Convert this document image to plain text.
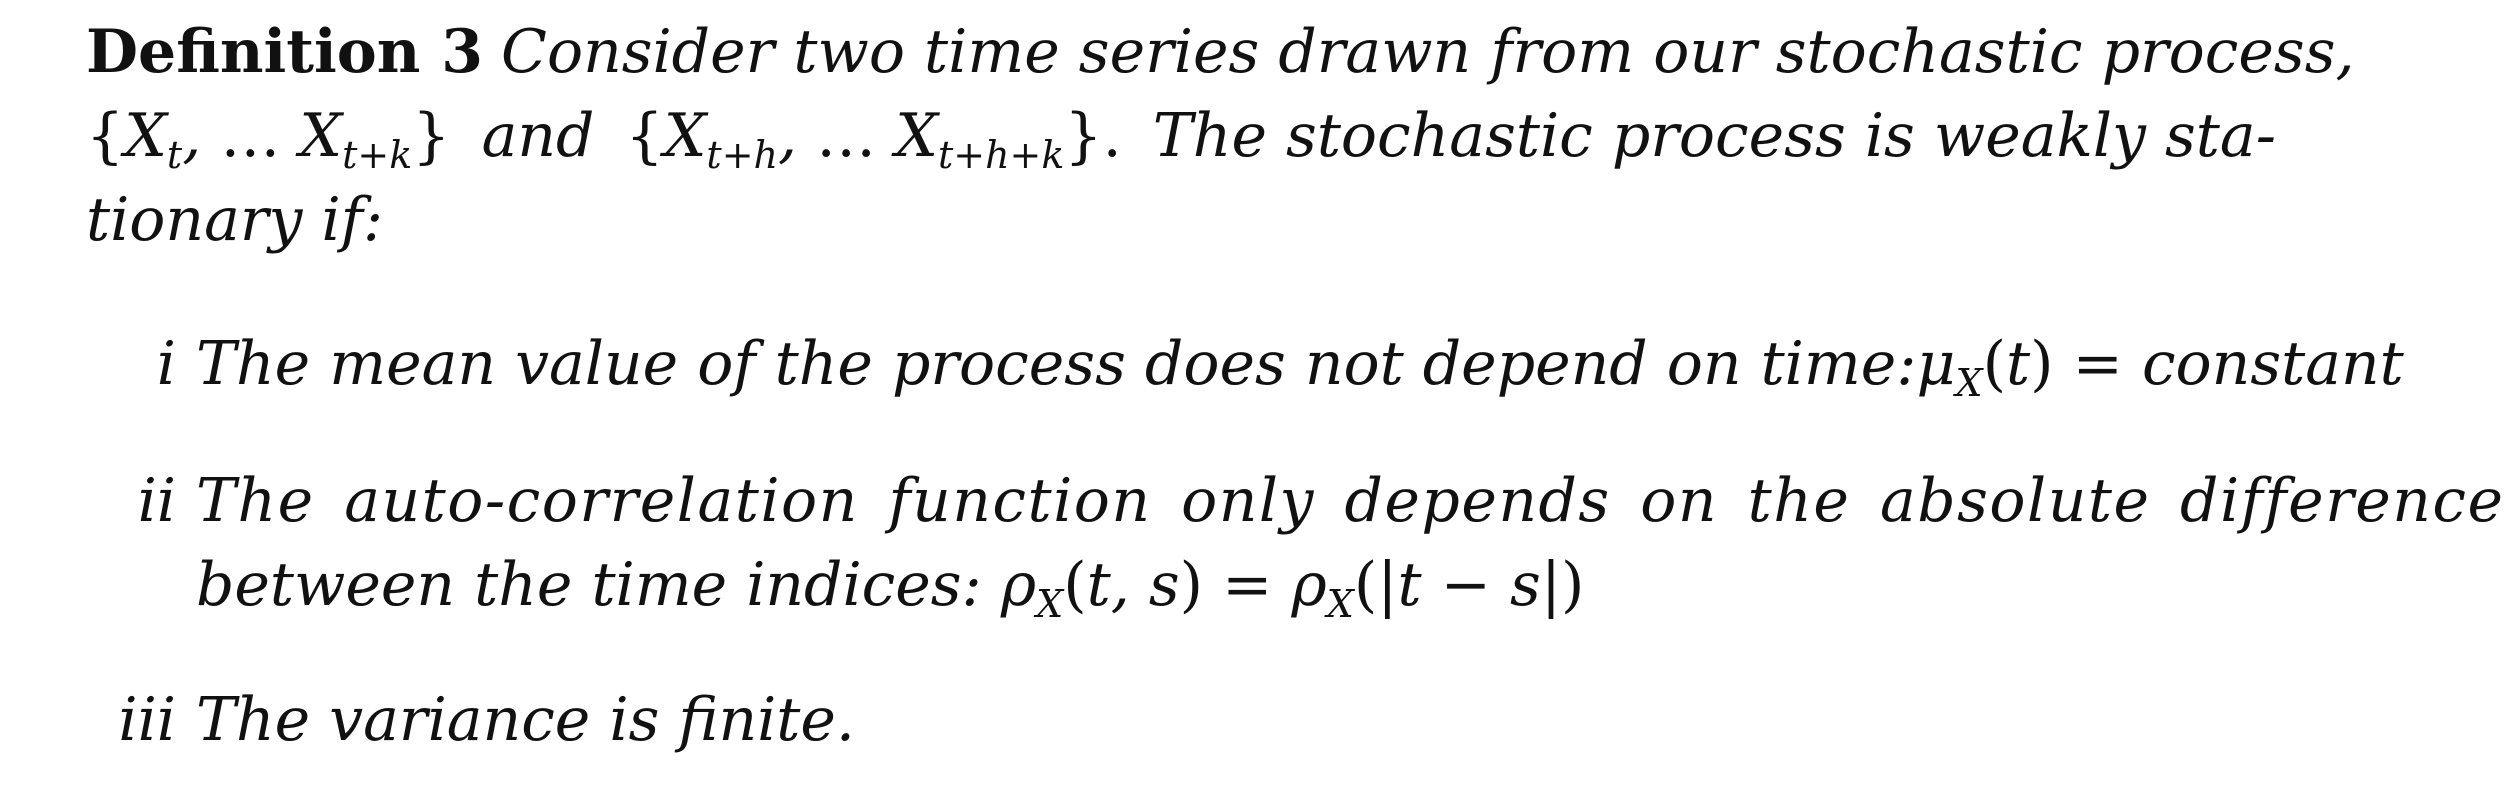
Definition 3 Consider two time series drawn from our stochastic process,
{$X_t$, … $X_{t+k}$} and {$X_{t+h}$, … $X_{t+h+k}$}. The stochastic process is weakly sta-
tionary if:
i The mean value of the process does not depend on time: $\mu_X(t)$ = constant
ii The auto-correlation function only depends on the absolute difference
between the time indices: $\rho_X(t$, $s) = \rho_X(|t - s|)$
iii The variance is finite.
